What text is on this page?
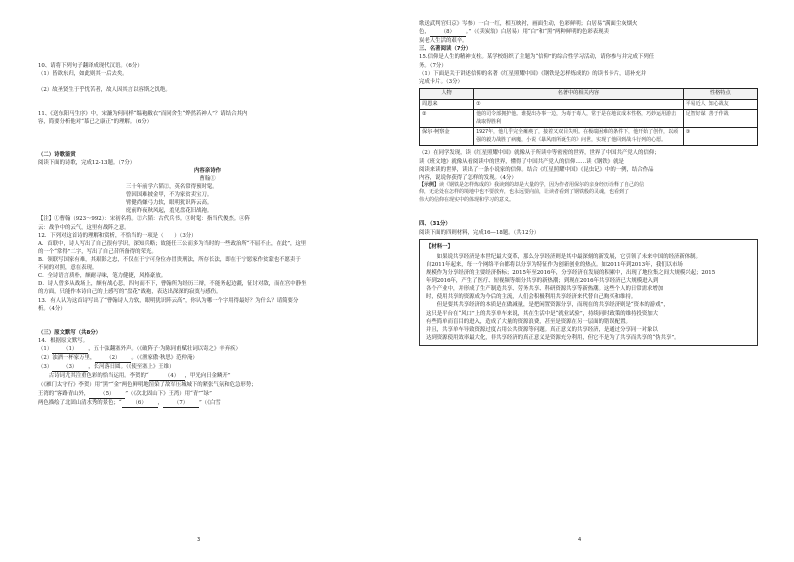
10、请将下列句子翻译成现代汉语。（6分）

（1）皆欲东归，如此则其一后去矣。

（2）故圣贤生于乎忧苦者，故人因其言以容斯之饥绝。

11、《送东阳马生序》中，宋濂为何同样“缊袍敝衣”而同舍生“烨然若神人”？请结合其内

容，简要分析他对“慕已之康正”的理解。（6分）

（二）诗歌鉴赏

阅读下面的诗歌，完成12-13题。（7分）

内容亲诗作

曹翰①

三十年前学六韬②，英名常得预时髦。

曾因国难披金甲，不为家贫卖宝刀。

臂健尚嫌弓力软，眼明犹识阵云高。

庭前昨夜秋风起，羞见盘花旧战袍。

【注】①曹翰（923～992）：宋初名将。②六韬：古代兵书。③时髦：指当代俊杰。④阵

云：战争中的云气，这里有战阵之意。

12．下列对这首诗的理解和赏析，不恰当的一项是（　　）（3分）

A．首联中，诗人写出了自己很有学识，深知兵略；故能任三公而多为当时的一些政治所“不屈不止，在此”，这里

的一个“常得”二字，写出了自己昔所备得的荣光。

B．领联写国家有难，其艰影之忠，不仅在于宁可身位亦冒贵刑法，所存长法，即在于宁愿家作贫蒙也不愿卖于

不同的对照，意在表现。

C．全诗语言质朴，颇耐寻味，笔力健捷，风格豪放。

D．诗人曾多从战场上，颇有战心悲，四句而不下，曹翰所为经历三辩，不能务起边疆，征讨对敌，而在宫中静坐

的方面，只能作本诗自己的上感写的“盘花”战袍，表达出深深的寂寞与感伤。

13．有人认为这首诗写出了“曹翰诗人力软，眼明犹识阵云高”，你认为哪一个字用得最好？为什么？请简要分

析。（4分）

（三）原文默写（共8分）

14．根据原文默写。

（1） （1） ，五十弦翻塞外声。（《破阵子·为陈同甫赋壮词以寄之》辛弃疾）

（2）浊酒一杯家万里， （2） 。（《渔家傲·秋思》范仲淹）

（3） （3） ，长河落日圆。（《使至塞上》王维）

古诗词尤其注重色彩的恰当运用。李贺的“	（4） ，甲光向日金鳞开”

（《雁门太守行》李贺）用“黑”“金”两色鲜明地渲染了敌军压城城下的紧张气氛和危急形势；

王湾的“客路青山外， （5） ”（《次北固山下》王湾）用“青”“绿”

两色描绘了北固山清水秀的景色；“ （6） ， （7） ”（《白雪

3

歌送武判官归京》岑参）一白一红，相互映衬，画面生动，色彩鲜明；白居易“满面尘灰烟火

色， （8） 。”（《卖炭翁》白居易）用“白”和“黑”两种鲜明的色彩表现卖

炭老人生活的艰辛。

三、名著阅读（7分）

15.信仰是人生的精神支柱。某学校组织了主题为“信仰”的综合性学习活动，请你参与并完成下列任

务。（7分）

（1）下面是关于讲述信仰的名著《红星照耀中国》《钢铁是怎样炼成的》的读书卡片，请补充并

完成卡片。（3分）

人物	名著中的相关内容	性格特点
周恩来	①	平易近人 知心战友
②	他的司令部拥护他。谁提出办事一边，为毒于毒人，常于是在地议成本性格，巧妙运用游击战取得胜利	足智好谋 善于作战
保尔·柯察金	1927年，他几乎完全瘫痪了，接着又双目失明。在极端困难的条件下，他开始了创作，以顽强的毅力战胜了病魔，小说《暴风雨所诞生的》问世，实现了他回到战斗行列的心愿。	③

（2）在同学发现，读《红星照耀中国》就像从于所读中等密密的世界，世界了中国共产党人的信仰；

读《班文地》就像从看阅读中的世界，懂得了中国共产党人的信仰……读《钢铁》就是

阅读来读的世界，读出了一条小说家的信仰。结合《红星照耀中国》《昆虫记》中的一例，结合作品

内容，说说你获得了怎样的发现。（4分）

【示例】读《钢铁是怎样炼成的》我读到的却是大量的学，因为作者用保尔的亲身经历诠释了自己的信

仰，无论处在怎样的境地中也不要放弃，也永远要向前，让读者看到了钢铁般的灵魂，也看到了

伟大的信仰在现实中的体现和学习的意义。

四、（31分）

阅读下面的四则材料，完成16—18题。（共12分）

【材料一】

如果说共享经济是本世纪最大变革，那么分享经济则是其中最深刻的新发展，它引领了未来中国的经济新体制。

自2011年起来，每一个网络平台都将以分享为特征作为创新创业的热点。如2011年到2013年，我们以市场

规模作为分享经济的主要经济指标；2015年至2016年，分享经济在发展的积累中，出现了地位集之间大规模兴起；2015

年到2016年，产生了医疗、短视频等细分共享的新热潮；到现在2016年共享经济已大规模进入到

各个产业中，并形成了生产制造共享、劳务共享、科研资源共享等新热潮。这些个人的日常需求增加

时，使用共享的资源成为今后的主流，人们会积极利用共享经济来代替自己购买和维持。

但是要其共享经济的本质是在做减量，是把闲置资源分享，而现在的共享经济则是“资本的游戏”，

这只是平台在“风口”上的共享单车来说，其在生活中是“就业试验”，持续同时政策的维持投资加大

有些简单而盲目的进入，造成了大量的资源浪费，甚至是资源在另一层面的错误配置。

并且，共享单车导致资源过度占用公共资源等问题。真正意义的共享经济，是通过分享同一对象以

达到资源使用效率最大化，非共享经济的真正意义是资源充分利用，但它不是为了共享而共享的“伪共享”。

4
